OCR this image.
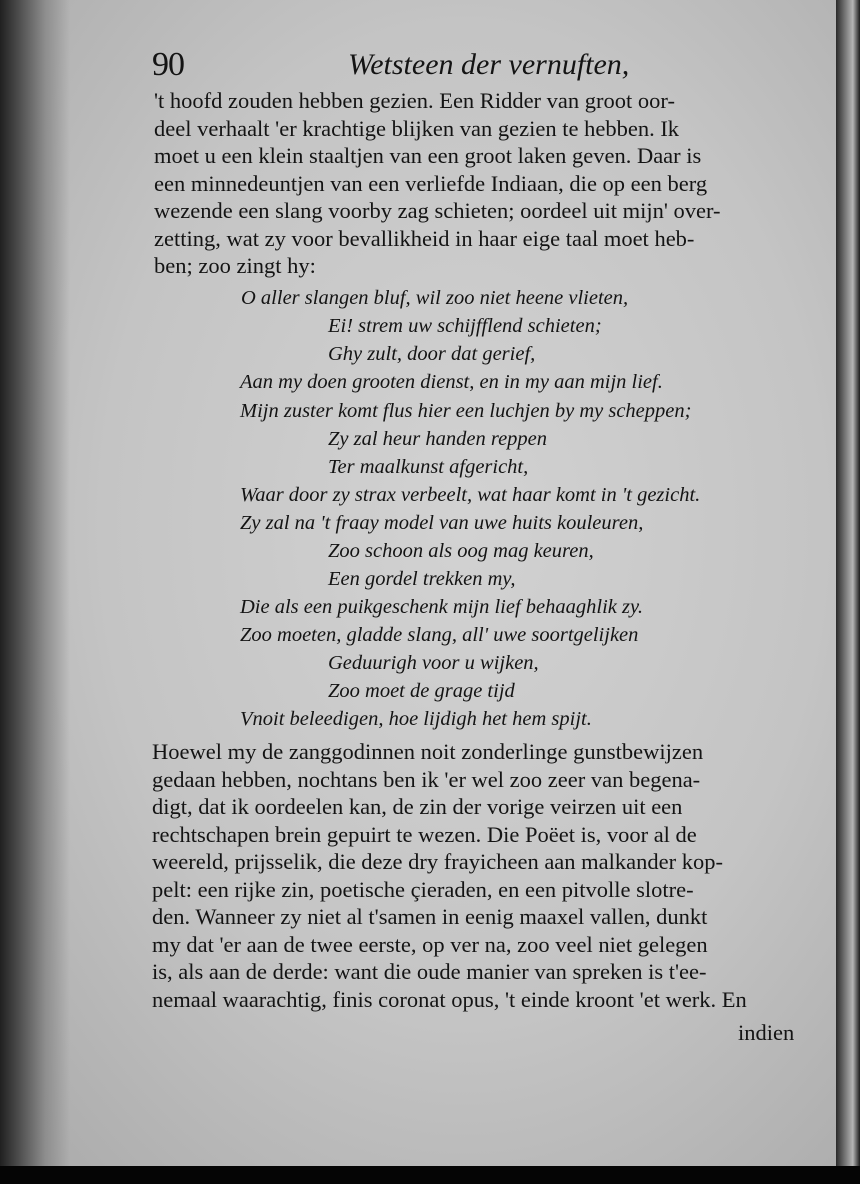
90	Wetsteen der vernuften,
't hoofd zouden hebben gezien. Een Ridder van groot oor-
deel verhaalt 'er krachtige blijken van gezien te hebben. Ik
moet u een klein staaltjen van een groot laken geven. Daar is
een minnedeuntjen van een verliefde Indiaan, die op een berg
wezende een slang voorby zag schieten; oordeel uit mijn' over-
zetting, wat zy voor bevallikheid in haar eige taal moet heb-
ben; zoo zingt hy:
O aller slangen bluf, wil zoo niet heene vlieten,
Ei! strem uw schijfflend schieten;
Ghy zult, door dat gerief,
Aan my doen grooten dienst, en in my aan mijn lief.
Mijn zuster komt flus hier een luchjen by my scheppen;
Zy zal heur handen reppen
Ter maalkunst afgericht,
Waar door zy strax verbeelt, wat haar komt in 't gezicht.
Zy zal na 't fraay model van uwe huits kouleuren,
Zoo schoon als oog mag keuren,
Een gordel trekken my,
Die als een puikgeschenk mijn lief behaaghlik zy.
Zoo moeten, gladde slang, all' uwe soortgelijken
Geduurigh voor u wijken,
Zoo moet de grage tijd
Vnoit beleedigen, hoe lijdigh het hem spijt.
Hoewel my de zanggodinnen noit zonderlinge gunstbewijzen
gedaan hebben, nochtans ben ik 'er wel zoo zeer van begena-
digt, dat ik oordeelen kan, de zin der vorige veirzen uit een
rechtschapen brein gepuirt te wezen. Die Poëet is, voor al de
weereld, prijsselik, die deze dry frayicheen aan malkander kop-
pelt: een rijke zin, poetische çieraden, en een pitvolle slotre-
den. Wanneer zy niet al t'samen in eenig maaxel vallen, dunkt
my dat 'er aan de twee eerste, op ver na, zoo veel niet gelegen
is, als aan de derde: want die oude manier van spreken is t'ee-
nemaal waarachtig, finis coronat opus, 't einde kroont 'et werk. En
indien
